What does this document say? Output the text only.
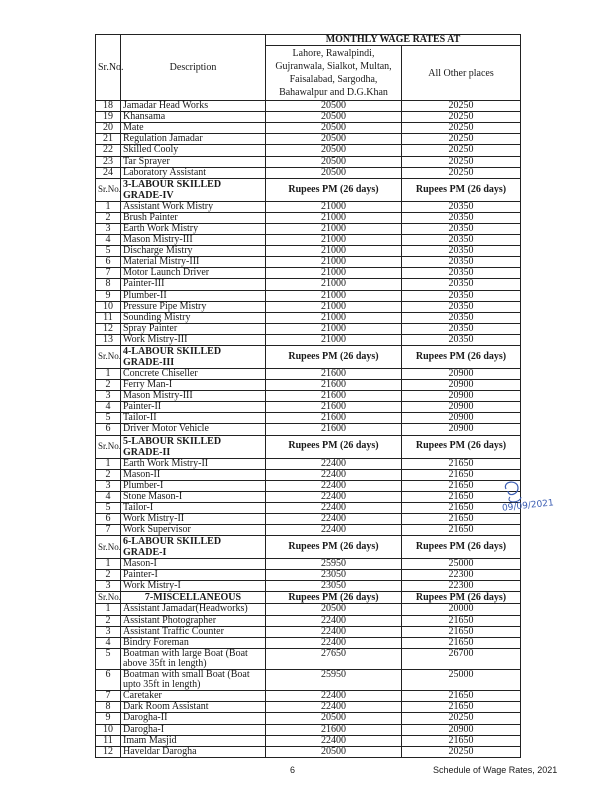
Sr.No.	Description	MONTHLY WAGE RATES AT	
		Lahore, Rawalpindi, Gujranwala, Sialkot, Multan, Faisalabad, Sargodha, Bahawalpur and D.G.Khan	All Other places
18	Jamadar Head Works	20500	20250
19	Khansama	20500	20250
20	Mate	20500	20250
21	Regulation Jamadar	20500	20250
22	Skilled Cooly	20500	20250
23	Tar Sprayer	20500	20250
24	Laboratory Assistant	20500	20250
Sr.No.	3-LABOUR SKILLED GRADE-IV	Rupees PM (26 days)	Rupees PM (26 days)
1	Assistant Work Mistry	21000	20350
2	Brush Painter	21000	20350
3	Earth Work Mistry	21000	20350
4	Mason Mistry-III	21000	20350
5	Discharge Mistry	21000	20350
6	Material Mistry-III	21000	20350
7	Motor Launch Driver	21000	20350
8	Painter-III	21000	20350
9	Plumber-II	21000	20350
10	Pressure Pipe Mistry	21000	20350
11	Sounding Mistry	21000	20350
12	Spray Painter	21000	20350
13	Work Mistry-III	21000	20350
Sr.No.	4-LABOUR SKILLED GRADE-III	Rupees PM (26 days)	Rupees PM (26 days)
1	Concrete Chiseller	21600	20900
2	Ferry Man-I	21600	20900
3	Mason Mistry-III	21600	20900
4	Painter-II	21600	20900
5	Tailor-II	21600	20900
6	Driver Motor Vehicle	21600	20900
Sr.No.	5-LABOUR SKILLED GRADE-II	Rupees PM (26 days)	Rupees PM (26 days)
1	Earth Work Mistry-II	22400	21650
2	Mason-II	22400	21650
3	Plumber-I	22400	21650
4	Stone Mason-I	22400	21650
5	Tailor-I	22400	21650
6	Work Mistry-II	22400	21650
7	Work Supervisor	22400	21650
Sr.No.	6-LABOUR SKILLED GRADE-I	Rupees PM (26 days)	Rupees PM (26 days)
1	Mason-I	25950	25000
2	Painter-I	23050	22300
3	Work Mistry-I	23050	22300
Sr.No.	7-MISCELLANEOUS	Rupees PM (26 days)	Rupees PM (26 days)
1	Assistant Jamadar(Headworks)	20500	20000
2	Assistant Photographer	22400	21650
3	Assistant Traffic Counter	22400	21650
4	Bindry Foreman	22400	21650
5	Boatman with large Boat (Boat above 35ft in length)	27650	26700
6	Boatman with small Boat (Boat upto 35ft in length)	25950	25000
7	Caretaker	22400	21650
8	Dark Room Assistant	22400	21650
9	Darogha-II	20500	20250
10	Darogha-I	21600	20900
11	Imam Masjid	22400	21650
12	Haveldar Darogha	20500	20250
09/09/2021
6	Schedule of Wage Rates, 2021
